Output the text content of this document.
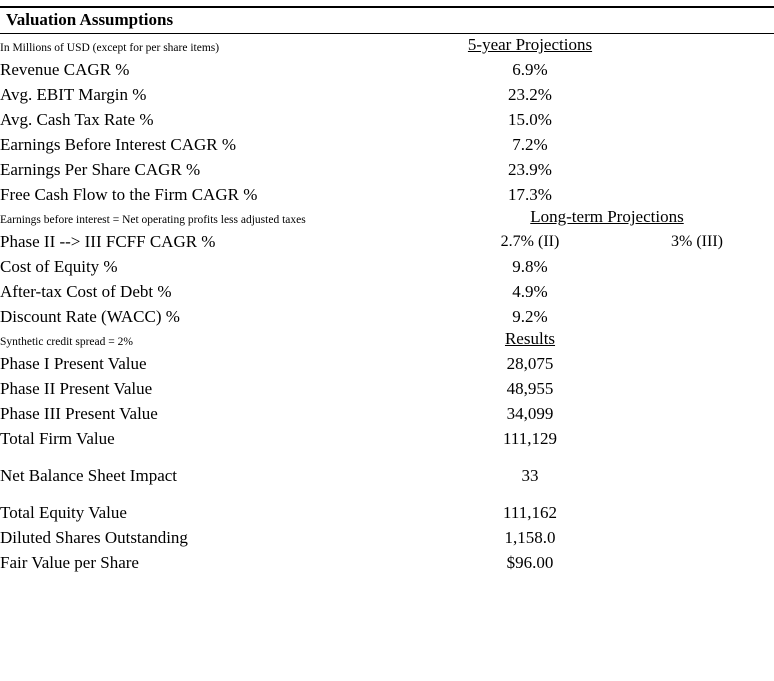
Valuation Assumptions
In Millions of USD (except for per share items)	5-year Projections	
Revenue CAGR %	6.9%	
Avg. EBIT Margin %	23.2%	
Avg. Cash Tax Rate %	15.0%	
Earnings Before Interest CAGR %	7.2%	
Earnings Per Share CAGR %	23.9%	
Free Cash Flow to the Firm CAGR %	17.3%	
Earnings before interest = Net operating profits less adjusted taxes	Long-term Projections	
Phase II --> III FCFF CAGR %	2.7% (II)	3% (III)
Cost of Equity %	9.8%	
After-tax Cost of Debt %	4.9%	
Discount Rate (WACC) %	9.2%	
Synthetic credit spread = 2%	Results	
Phase I Present Value	28,075	
Phase II Present Value	48,955	
Phase III Present Value	34,099	
Total Firm Value	111,129	

Net Balance Sheet Impact	33	

Total Equity Value	111,162	
Diluted Shares Outstanding	1,158.0	
Fair Value per Share	$96.00	
